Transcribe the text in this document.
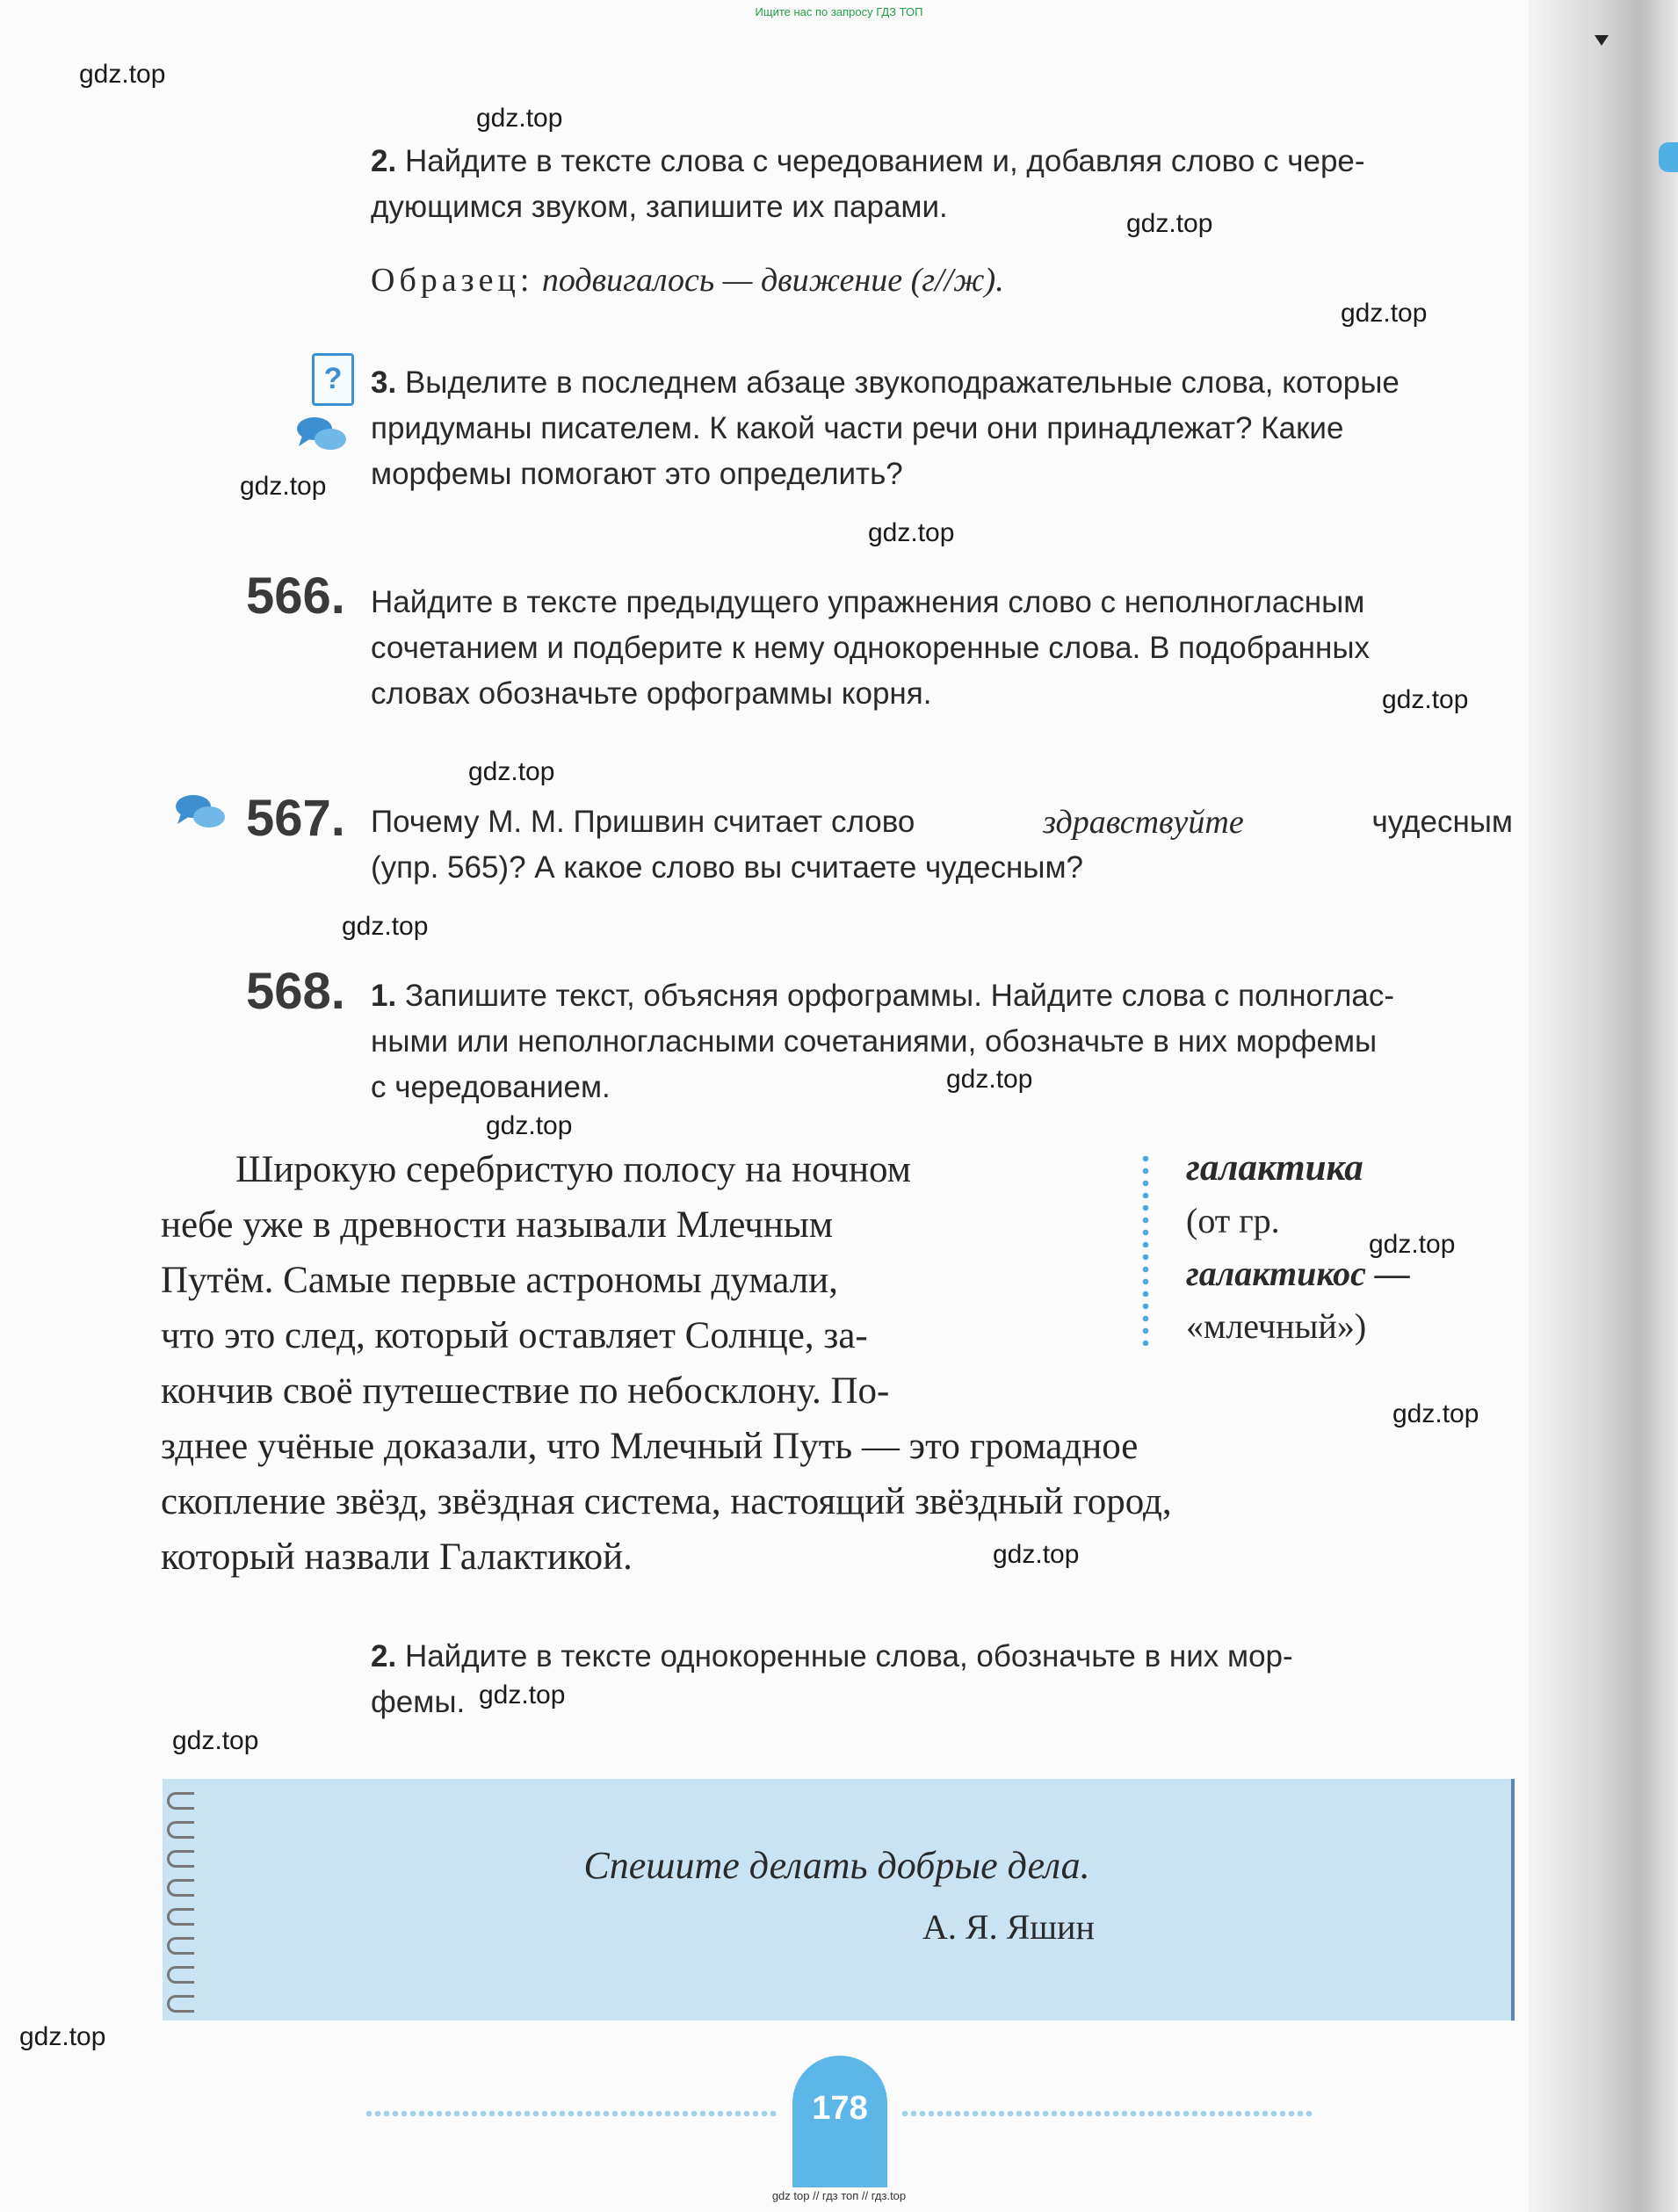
Ищите нас по запросу ГДЗ ТОП
gdz.top
gdz.top
gdz.top
gdz.top
gdz.top
gdz.top
gdz.top
gdz.top
gdz.top
gdz.top
gdz.top
gdz.top
gdz.top
gdz.top
gdz.top
gdz.top
gdz.top
2. Найдите в тексте слова с чередованием и, добавляя слово с чере-
дующимся звуком, запишите их парами.
Образец: подвигалось — движение (г//ж).
? 3. Выделите в последнем абзаце звукоподражательные слова, которые
придуманы писателем. К какой части речи они принадлежат? Какие
морфемы помогают это определить?
566. Найдите в тексте предыдущего упражнения слово с неполногласным
сочетанием и подберите к нему однокоренные слова. В подобранных
словах обозначьте орфограммы корня.
567. Почему М. М. Пришвин считает слово	здравствуйте	чудесным
(упр. 565)? А какое слово вы считаете чудесным?
568. 1. Запишите текст, объясняя орфограммы. Найдите слова с полноглас-
ными или неполногласными сочетаниями, обозначьте в них морфемы
с чередованием.
Широкую серебристую полосу на ночном
небе уже в древности называли Млечным
Путём. Самые первые астрономы думали,
что это след, который оставляет Солнце, за-
кончив своё путешествие по небосклону. По-
зднее учёные доказали, что Млечный Путь — это громадное
скопление звёзд, звёздная система, настоящий звёздный город,
который назвали Галактикой.
галактика
(от гр.
галактикос —
«млечный»)
2. Найдите в тексте однокоренные слова, обозначьте в них мор-
фемы.
Спешите делать добрые дела.
А. Я. Яшин
178
gdz top // гдз топ // гдз.top
